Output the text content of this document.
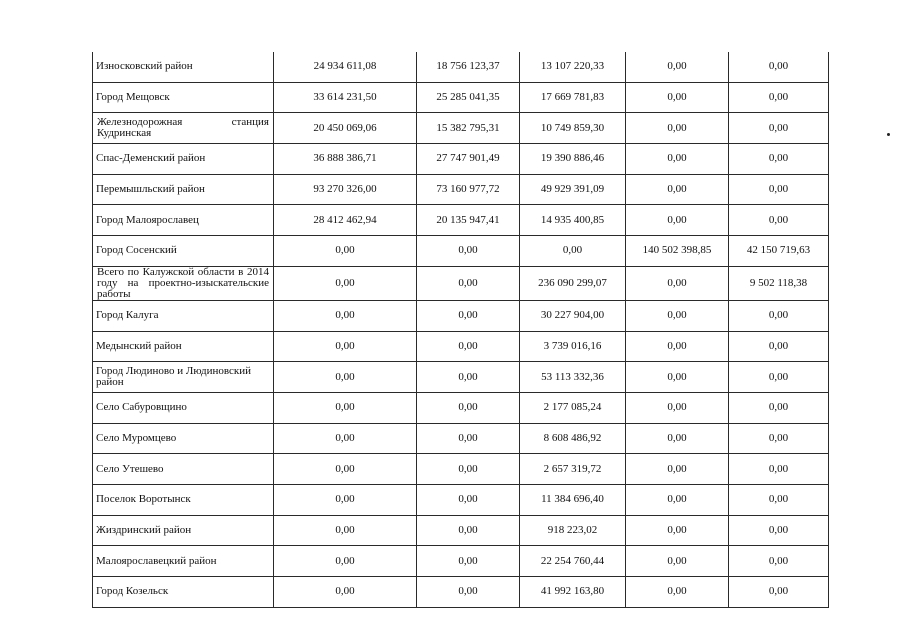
Износковский район	24 934 611,08	18 756 123,37	13 107 220,33	0,00	0,00
Город Мещовск	33 614 231,50	25 285 041,35	17 669 781,83	0,00	0,00
Железнодорожная станция Кудринская	20 450 069,06	15 382 795,31	10 749 859,30	0,00	0,00
Спас-Деменский район	36 888 386,71	27 747 901,49	19 390 886,46	0,00	0,00
Перемышльский район	93 270 326,00	73 160 977,72	49 929 391,09	0,00	0,00
Город Малоярославец	28 412 462,94	20 135 947,41	14 935 400,85	0,00	0,00
Город Сосенский	0,00	0,00	0,00	140 502 398,85	42 150 719,63
Всего по Калужской области в 2014 году на проектно-изыскательские работы	0,00	0,00	236 090 299,07	0,00	9 502 118,38
Город Калуга	0,00	0,00	30 227 904,00	0,00	0,00
Медынский район	0,00	0,00	3 739 016,16	0,00	0,00
Город Людиново и Людиновский район	0,00	0,00	53 113 332,36	0,00	0,00
Село Сабуровщино	0,00	0,00	2 177 085,24	0,00	0,00
Село Муромцево	0,00	0,00	8 608 486,92	0,00	0,00
Село Утешево	0,00	0,00	2 657 319,72	0,00	0,00
Поселок Воротынск	0,00	0,00	11 384 696,40	0,00	0,00
Жиздринский район	0,00	0,00	918 223,02	0,00	0,00
Малоярославецкий район	0,00	0,00	22 254 760,44	0,00	0,00
Город Козельск	0,00	0,00	41 992 163,80	0,00	0,00
